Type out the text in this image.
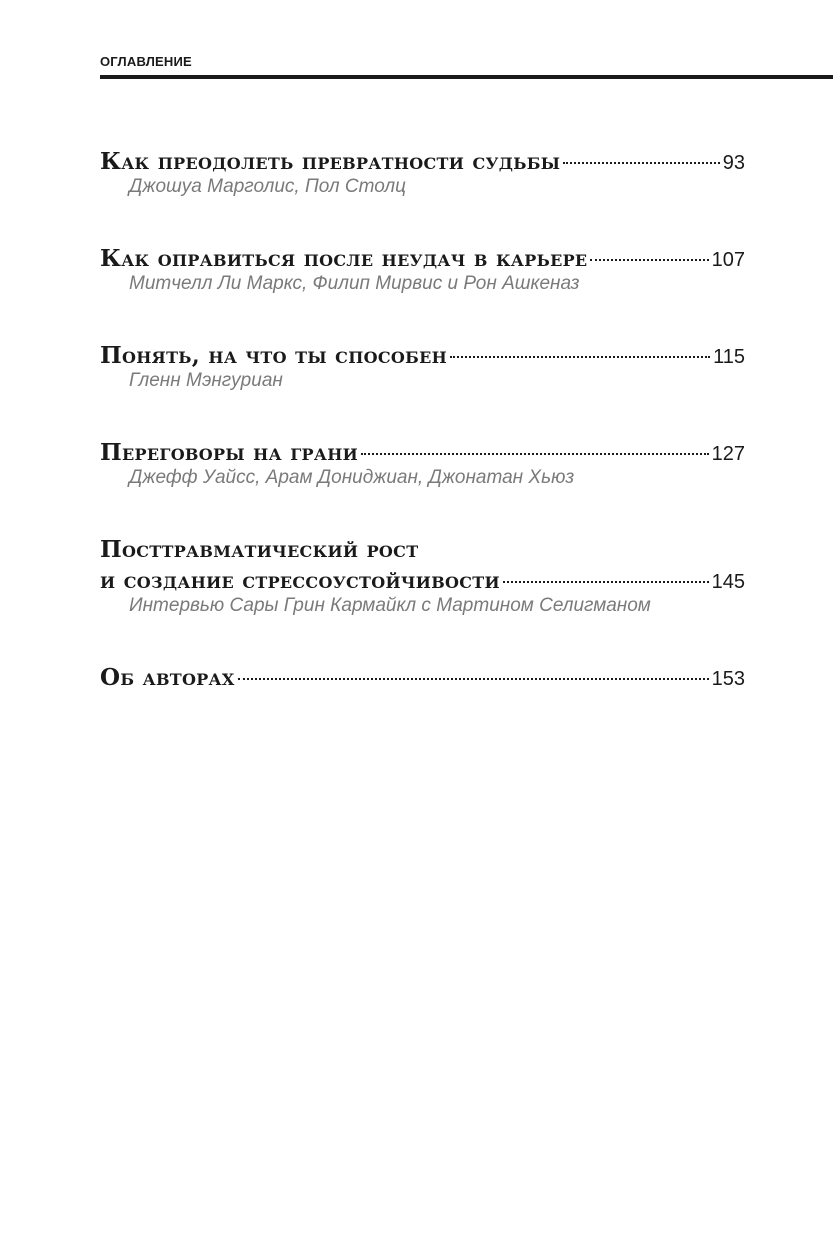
ОГЛАВЛЕНИЕ
Как преодолеть превратности судьбы	93
Джошуа Марголис, Пол Столц
Как оправиться после неудач в карьере	107
Митчелл Ли Маркс, Филип Мирвис и Рон Ашкеназ
Понять, на что ты способен	115
Гленн Мэнгуриан
Переговоры на грани	127
Джефф Уайсс, Арам Дониджиан, Джонатан Хьюз
Посттравматический рост
и создание стрессоустойчивости	145
Интервью Сары Грин Кармайкл с Мартином Селигманом
Об авторах	153
